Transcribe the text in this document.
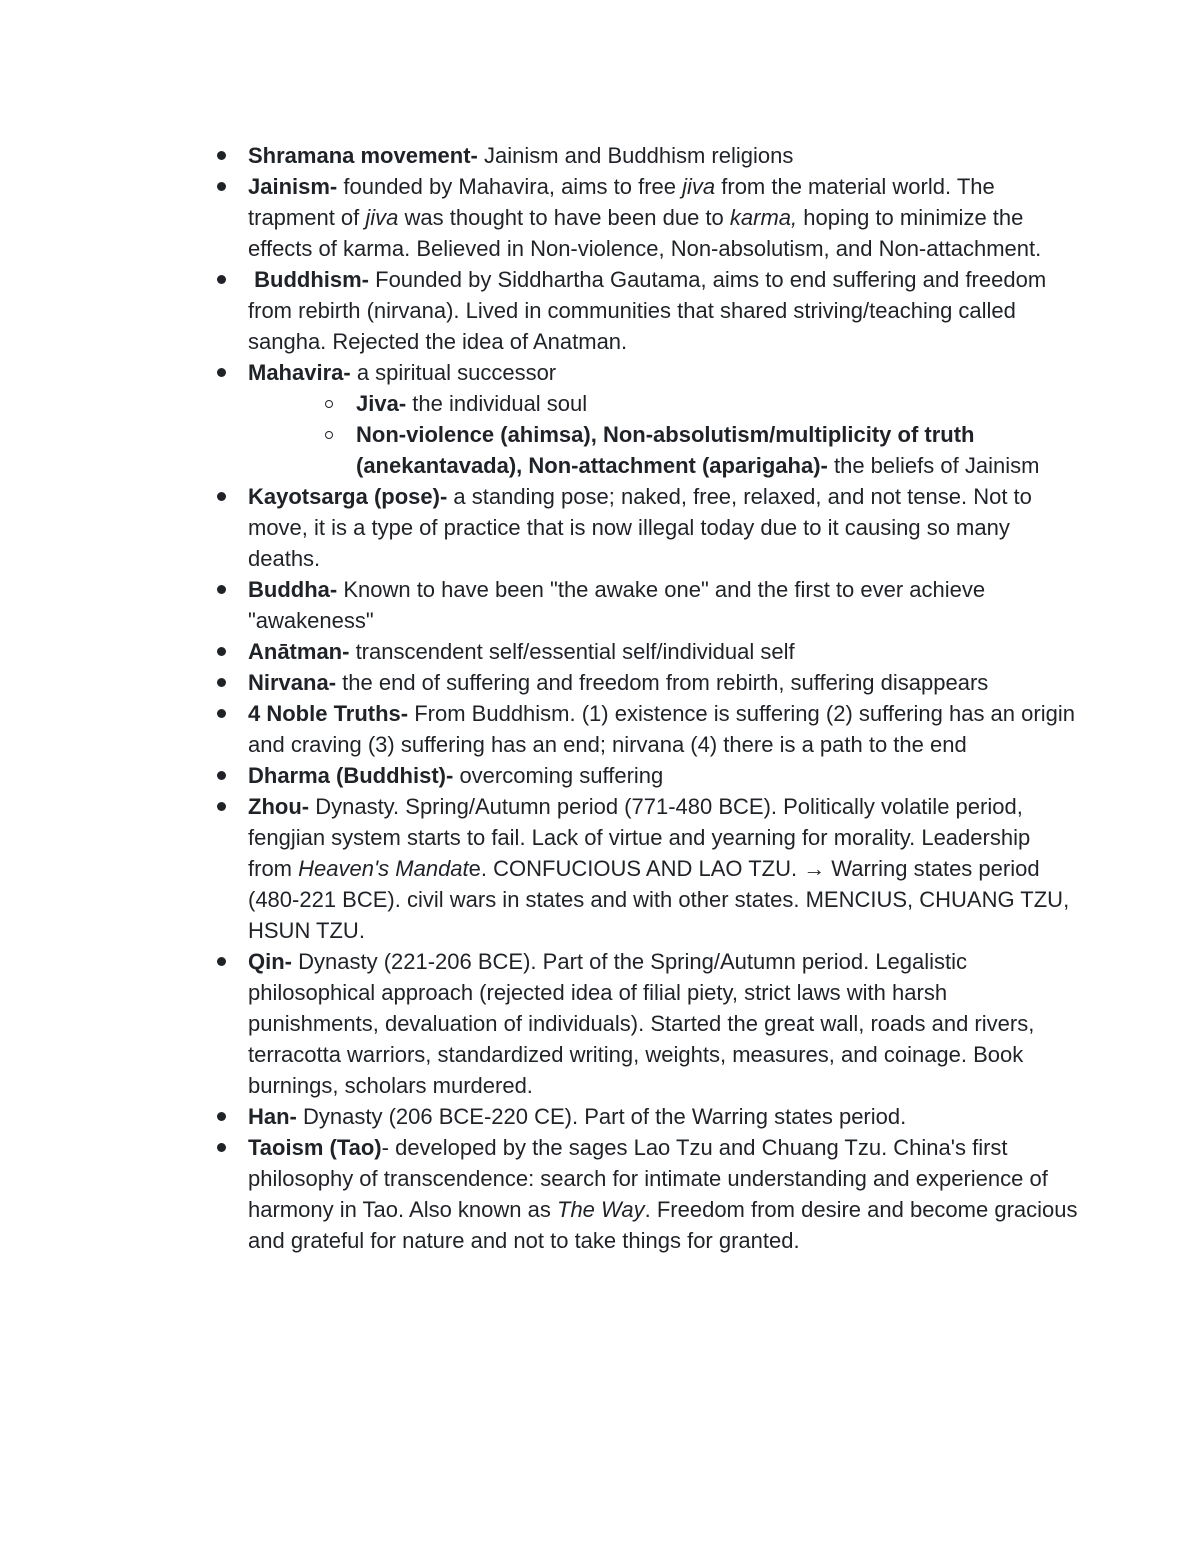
Shramana movement- Jainism and Buddhism religions
Jainism- founded by Mahavira, aims to free jiva from the material world. The trapment of jiva was thought to have been due to karma, hoping to minimize the effects of karma. Believed in Non-violence, Non-absolutism, and Non-attachment.
Buddhism- Founded by Siddhartha Gautama, aims to end suffering and freedom from rebirth (nirvana). Lived in communities that shared striving/teaching called sangha. Rejected the idea of Anatman.
Mahavira- a spiritual successor
Jiva- the individual soul
Non-violence (ahimsa), Non-absolutism/multiplicity of truth (anekantavada), Non-attachment (aparigaha)- the beliefs of Jainism
Kayotsarga (pose)- a standing pose; naked, free, relaxed, and not tense. Not to move, it is a type of practice that is now illegal today due to it causing so many deaths.
Buddha- Known to have been "the awake one" and the first to ever achieve "awakeness"
Anātman- transcendent self/essential self/individual self
Nirvana- the end of suffering and freedom from rebirth, suffering disappears
4 Noble Truths- From Buddhism. (1) existence is suffering (2) suffering has an origin and craving (3) suffering has an end; nirvana (4) there is a path to the end
Dharma (Buddhist)- overcoming suffering
Zhou- Dynasty. Spring/Autumn period (771-480 BCE). Politically volatile period, fengjian system starts to fail. Lack of virtue and yearning for morality. Leadership from Heaven's Mandate. CONFUCIOUS AND LAO TZU. → Warring states period (480-221 BCE). civil wars in states and with other states. MENCIUS, CHUANG TZU, HSUN TZU.
Qin- Dynasty (221-206 BCE). Part of the Spring/Autumn period. Legalistic philosophical approach (rejected idea of filial piety, strict laws with harsh punishments, devaluation of individuals). Started the great wall, roads and rivers, terracotta warriors, standardized writing, weights, measures, and coinage. Book burnings, scholars murdered.
Han- Dynasty (206 BCE-220 CE). Part of the Warring states period.
Taoism (Tao)- developed by the sages Lao Tzu and Chuang Tzu. China's first philosophy of transcendence: search for intimate understanding and experience of harmony in Tao. Also known as The Way. Freedom from desire and become gracious and grateful for nature and not to take things for granted.
